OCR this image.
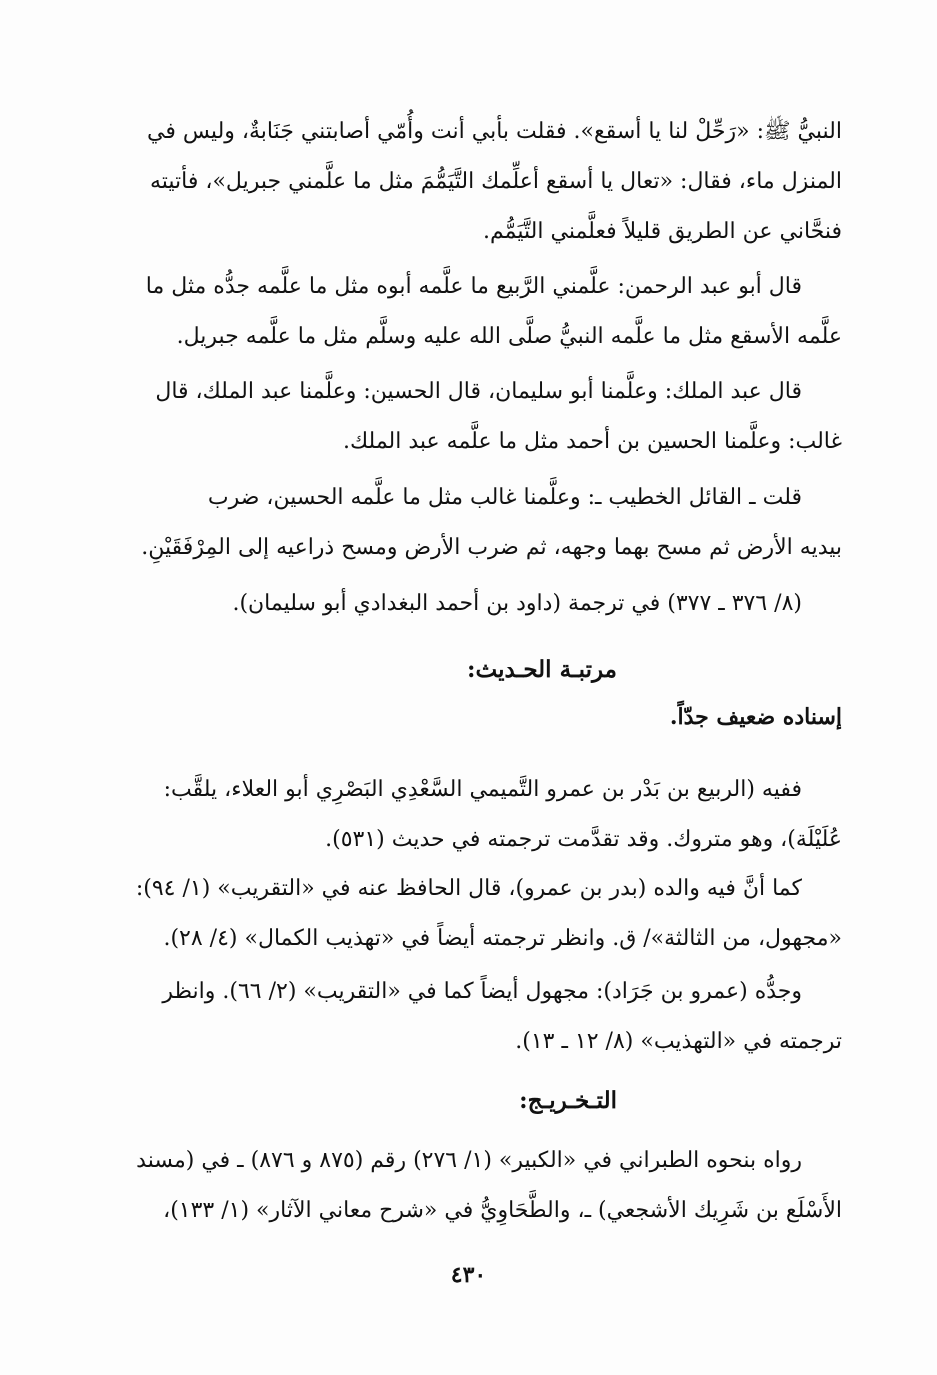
النبيُّ ﷺ: «رَحِّلْ لنا يا أسقع». فقلت بأبي أنت وأُمّي أصابتني جَنَابةٌ، وليس في
المنزل ماء، فقال: «تعال يا أسقع أعلِّمك التَّيَمُّمَ مثل ما علَّمني جبريل»، فأتيته
فنحَّاني عن الطريق قليلاً فعلَّمني التَّيَمُّم.

قال أبو عبد الرحمن: علَّمني الرَّبيع ما علَّمه أبوه مثل ما علَّمه جدُّه مثل ما
علَّمه الأسقع مثل ما علَّمه النبيُّ صلَّى الله عليه وسلَّم مثل ما علَّمه جبريل.

قال عبد الملك: وعلَّمنا أبو سليمان، قال الحسين: وعلَّمنا عبد الملك، قال
غالب: وعلَّمنا الحسين بن أحمد مثل ما علَّمه عبد الملك.

قلت ـ القائل الخطيب ـ: وعلَّمنا غالب مثل ما علَّمه الحسين، ضرب
بيديه الأرض ثم مسح بهما وجهه، ثم ضرب الأرض ومسح ذراعيه إلى المِرْفَقَيْنِ.

(٨/ ٣٧٦ ـ ٣٧٧) في ترجمة (داود بن أحمد البغدادي أبو سليمان).

مرتبـة الحـديث:
إسناده ضعيف جدّاً.

ففيه (الربيع بن بَدْر بن عمرو التَّميمي السَّعْدِي البَصْرِي أبو العلاء، يلقَّب:
عُلَيْلَة)، وهو متروك. وقد تقدَّمت ترجمته في حديث (٥٣١).

كما أنَّ فيه والده (بدر بن عمرو)، قال الحافظ عنه في «التقريب» (١/ ٩٤):
«مجهول، من الثالثة»/ ق. وانظر ترجمته أيضاً في «تهذيب الكمال» (٤/ ٢٨).

وجدُّه (عمرو بن جَرَاد): مجهول أيضاً كما في «التقريب» (٢/ ٦٦). وانظر
ترجمته في «التهذيب» (٨/ ١٢ ـ ١٣).

التـخـريـج:

رواه بنحوه الطبراني في «الكبير» (١/ ٢٧٦) رقم (٨٧٥ و ٨٧٦) ـ في (مسند
الأَسْلَع بن شَرِيك الأشجعي) ـ، والطَّحَاوِيُّ في «شرح معاني الآثار» (١/ ١٣٣)،

٤٣٠
